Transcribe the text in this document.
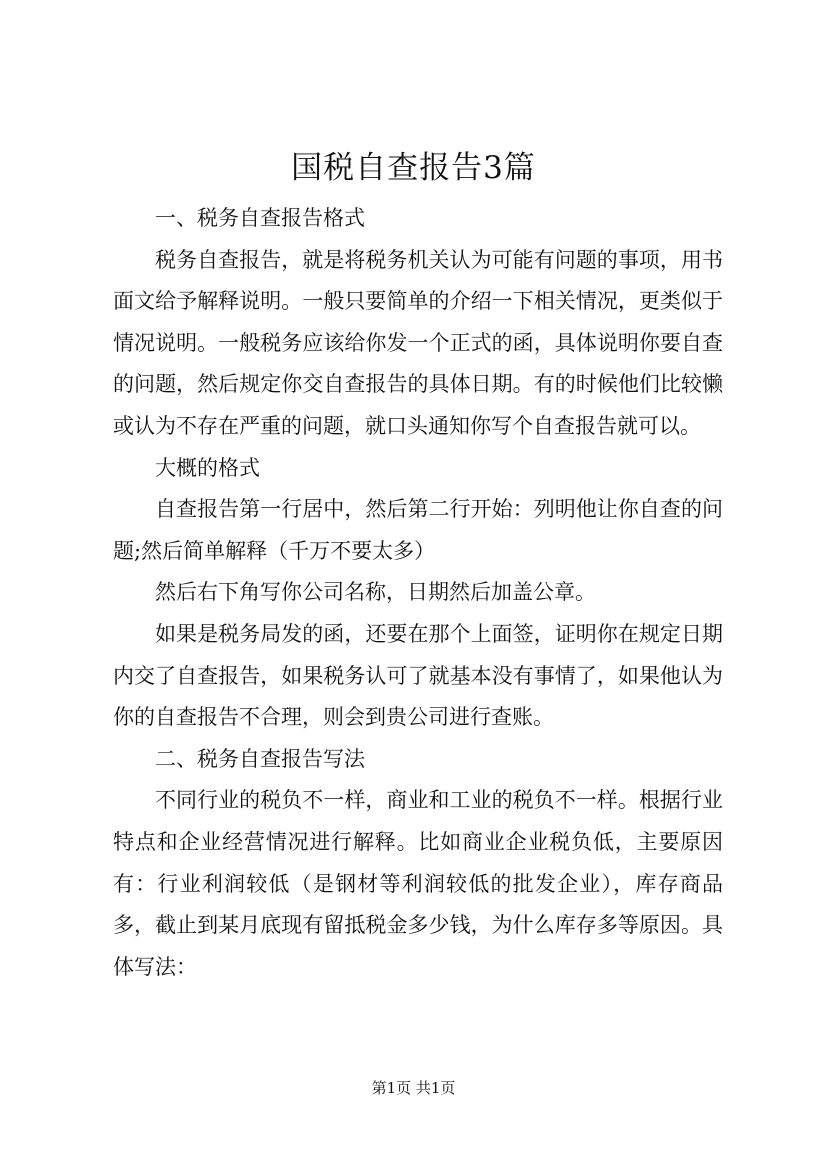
国税自查报告3篇

一、税务自查报告格式

税务自查报告，就是将税务机关认为可能有问题的事项，用书面文给予解释说明。一般只要简单的介绍一下相关情况，更类似于情况说明。一般税务应该给你发一个正式的函，具体说明你要自查的问题，然后规定你交自查报告的具体日期。有的时候他们比较懒或认为不存在严重的问题，就口头通知你写个自查报告就可以。

大概的格式

自查报告第一行居中，然后第二行开始：列明他让你自查的问题;然后简单解释（千万不要太多）

然后右下角写你公司名称，日期然后加盖公章。

如果是税务局发的函，还要在那个上面签，证明你在规定日期内交了自查报告，如果税务认可了就基本没有事情了，如果他认为你的自查报告不合理，则会到贵公司进行查账。

二、税务自查报告写法

不同行业的税负不一样，商业和工业的税负不一样。根据行业特点和企业经营情况进行解释。比如商业企业税负低，主要原因有：行业利润较低（是钢材等利润较低的批发企业），库存商品多，截止到某月底现有留抵税金多少钱，为什么库存多等原因。具体写法：

第1页 共1页
